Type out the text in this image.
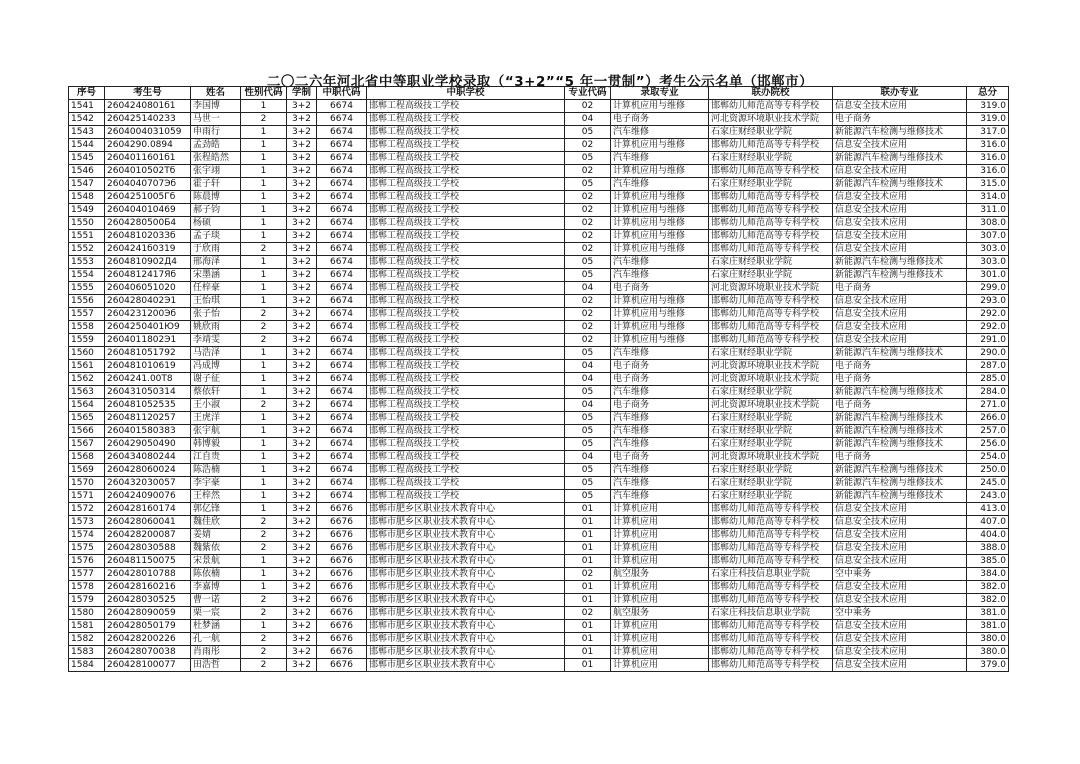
二〇二六年河北省中等职业学校录取（“3+2”“5 年一贯制”）考生公示名单（邯郸市）
序号	考生号	姓名	性别代码	学制	中职代码	中职学校	专业代码	录取专业	联办院校	联办专业	总分
1541	2604240801б1	李国博	1	3+2	6674	邯郸工程高级技工学校	02	计算机应用与维修	邯郸幼儿师范高等专科学校	信息安全技术应用	319.0
1542	2604251402З3	马世一	2	3+2	6674	邯郸工程高级技工学校	04	电子商务	河北资源环境职业技术学院	电子商务	319.0
1543	2604004031059	申雨行	1	3+2	6674	邯郸工程高级技工学校	05	汽车维修	石家庄财经职业学院	新能源汽车检测与维修技术	317.0
1544	2604290.0894	孟劲皓	1	3+2	6674	邯郸工程高级技工学校	02	计算机应用与维修	邯郸幼儿师范高等专科学校	信息安全技术应用	316.0
1545	2604011601б1	张程皓然	1	3+2	6674	邯郸工程高级技工学校	05	汽车维修	石家庄财经职业学院	新能源汽车检测与维修技术	316.0
1546	2604010502Тб	张宇翊	1	3+2	6674	邯郸工程高级技工学校	02	计算机应用与维修	邯郸幼儿师范高等专科学校	信息安全技术应用	316.0
1547	2604040707Эб	霍子轩	1	3+2	6674	邯郸工程高级技工学校	05	汽车维修	石家庄财经职业学院	新能源汽车检测与维修技术	315.0
1548	2604251005Гб	陈晨博	1	3+2	6674	邯郸工程高级技工学校	02	计算机应用与维修	邯郸幼儿师范高等专科学校	信息安全技术应用	314.0
1549	260404010469	郝子钧	1	3+2	6674	邯郸工程高级技工学校	02	计算机应用与维修	邯郸幼儿师范高等专科学校	信息安全技术应用	311.0
1550	2604280500Б4	杨硕	1	3+2	6674	邯郸工程高级技工学校	02	计算机应用与维修	邯郸幼儿师范高等专科学校	信息安全技术应用	308.0
1551	2604810203Зб	孟子琰	1	3+2	6674	邯郸工程高级技工学校	02	计算机应用与维修	邯郸幼儿师范高等专科学校	信息安全技术应用	307.0
1552	2604241б0319	于欣雨	2	3+2	6674	邯郸工程高级技工学校	02	计算机应用与维修	邯郸幼儿师范高等专科学校	信息安全技术应用	303.0
1553	2604810902Д4	邢海泽	1	3+2	6674	邯郸工程高级技工学校	05	汽车维修	石家庄财经职业学院	新能源汽车检测与维修技术	303.0
1554	2604812417Яб	宋墨涵	1	3+2	6674	邯郸工程高级技工学校	05	汽车维修	石家庄财经职业学院	新能源汽车检测与维修技术	301.0
1555	260406051020	任梓豪	1	3+2	6674	邯郸工程高级技工学校	04	电子商务	河北资源环境职业技术学院	电子商务	299.0
1556	2604280402Э1	王怡琪	1	3+2	6674	邯郸工程高级技工学校	02	计算机应用与维修	邯郸幼儿师范高等专科学校	信息安全技术应用	293.0
1557	2604231200Эб	张子怡	2	3+2	6674	邯郸工程高级技工学校	02	计算机应用与维修	邯郸幼儿师范高等专科学校	信息安全技术应用	292.0
1558	2604250401Ю9	姚欣雨	2	3+2	6674	邯郸工程高级技工学校	02	计算机应用与维修	邯郸幼儿师范高等专科学校	信息安全技术应用	292.0
1559	2604011802Э1	李靖雯	2	3+2	6674	邯郸工程高级技工学校	02	计算机应用与维修	邯郸幼儿师范高等专科学校	信息安全技术应用	291.0
1560	260481051792	马浩泽	1	3+2	6674	邯郸工程高级技工学校	05	汽车维修	石家庄财经职业学院	新能源汽车检测与维修技术	290.0
1561	260481010619	冯成博	1	3+2	6674	邯郸工程高级技工学校	04	电子商务	河北资源环境职业技术学院	电子商务	287.0
1562	2604241.00Т8	谢子征	1	3+2	6674	邯郸工程高级技工学校	04	电子商务	河北资源环境职业技术学院	电子商务	285.0
1563	260431050314	蔡依轩	1	3+2	6674	邯郸工程高级技工学校	05	汽车维修	石家庄财经职业学院	新能源汽车检测与维修技术	284.0
1564	260481052535	王小淑	2	3+2	6674	邯郸工程高级技工学校	04	电子商务	河北资源环境职业技术学院	电子商务	271.0
1565	260481120257	王虎洋	1	3+2	6674	邯郸工程高级技工学校	05	汽车维修	石家庄财经职业学院	新能源汽车检测与维修技术	266.0
1566	260401580383	张宇航	1	3+2	6674	邯郸工程高级技工学校	05	汽车维修	石家庄财经职业学院	新能源汽车检测与维修技术	257.0
1567	260429050490	韩博毅	1	3+2	6674	邯郸工程高级技工学校	05	汽车维修	石家庄财经职业学院	新能源汽车检测与维修技术	256.0
1568	260434080244	江自贵	1	3+2	6674	邯郸工程高级技工学校	04	电子商务	河北资源环境职业技术学院	电子商务	254.0
1569	260428060024	陈浩楠	1	3+2	6674	邯郸工程高级技工学校	05	汽车维修	石家庄财经职业学院	新能源汽车检测与维修技术	250.0
1570	260432030057	李宇豪	1	3+2	6674	邯郸工程高级技工学校	05	汽车维修	石家庄财经职业学院	新能源汽车检测与维修技术	245.0
1571	260424090076	王梓然	1	3+2	6674	邯郸工程高级技工学校	05	汽车维修	石家庄财经职业学院	新能源汽车检测与维修技术	243.0
1572	260428160174	郭亿锋	1	3+2	6676	邯郸市肥乡区职业技术教育中心	01	计算机应用	邯郸幼儿师范高等专科学校	信息安全技术应用	413.0
1573	260428060041	魏佳欣	2	3+2	6676	邯郸市肥乡区职业技术教育中心	01	计算机应用	邯郸幼儿师范高等专科学校	信息安全技术应用	407.0
1574	260428200087	姜婧	2	3+2	6676	邯郸市肥乡区职业技术教育中心	01	计算机应用	邯郸幼儿师范高等专科学校	信息安全技术应用	404.0
1575	260428030588	魏紫依	2	3+2	6676	邯郸市肥乡区职业技术教育中心	01	计算机应用	邯郸幼儿师范高等专科学校	信息安全技术应用	388.0
1576	260481150075	宋景航	1	3+2	6676	邯郸市肥乡区职业技术教育中心	01	计算机应用	邯郸幼儿师范高等专科学校	信息安全技术应用	385.0
1577	260428010788	陈依楠	1	3+2	6676	邯郸市肥乡区职业技术教育中心	02	航空服务	石家庄科技信息职业学院	空中乘务	384.0
1578	260428160216	李嘉博	1	3+2	6676	邯郸市肥乡区职业技术教育中心	01	计算机应用	邯郸幼儿师范高等专科学校	信息安全技术应用	382.0
1579	260428030525	曹一诺	2	3+2	6676	邯郸市肥乡区职业技术教育中心	01	计算机应用	邯郸幼儿师范高等专科学校	信息安全技术应用	382.0
1580	260428090059	栗一宸	2	3+2	6676	邯郸市肥乡区职业技术教育中心	02	航空服务	石家庄科技信息职业学院	空中乘务	381.0
1581	260428050179	杜梦涵	1	3+2	6676	邯郸市肥乡区职业技术教育中心	01	计算机应用	邯郸幼儿师范高等专科学校	信息安全技术应用	381.0
1582	260428200226	孔一航	2	3+2	6676	邯郸市肥乡区职业技术教育中心	01	计算机应用	邯郸幼儿师范高等专科学校	信息安全技术应用	380.0
1583	260428070038	肖雨彤	2	3+2	6676	邯郸市肥乡区职业技术教育中心	01	计算机应用	邯郸幼儿师范高等专科学校	信息安全技术应用	380.0
1584	260428100077	田浩哲	2	3+2	6676	邯郸市肥乡区职业技术教育中心	01	计算机应用	邯郸幼儿师范高等专科学校	信息安全技术应用	379.0
